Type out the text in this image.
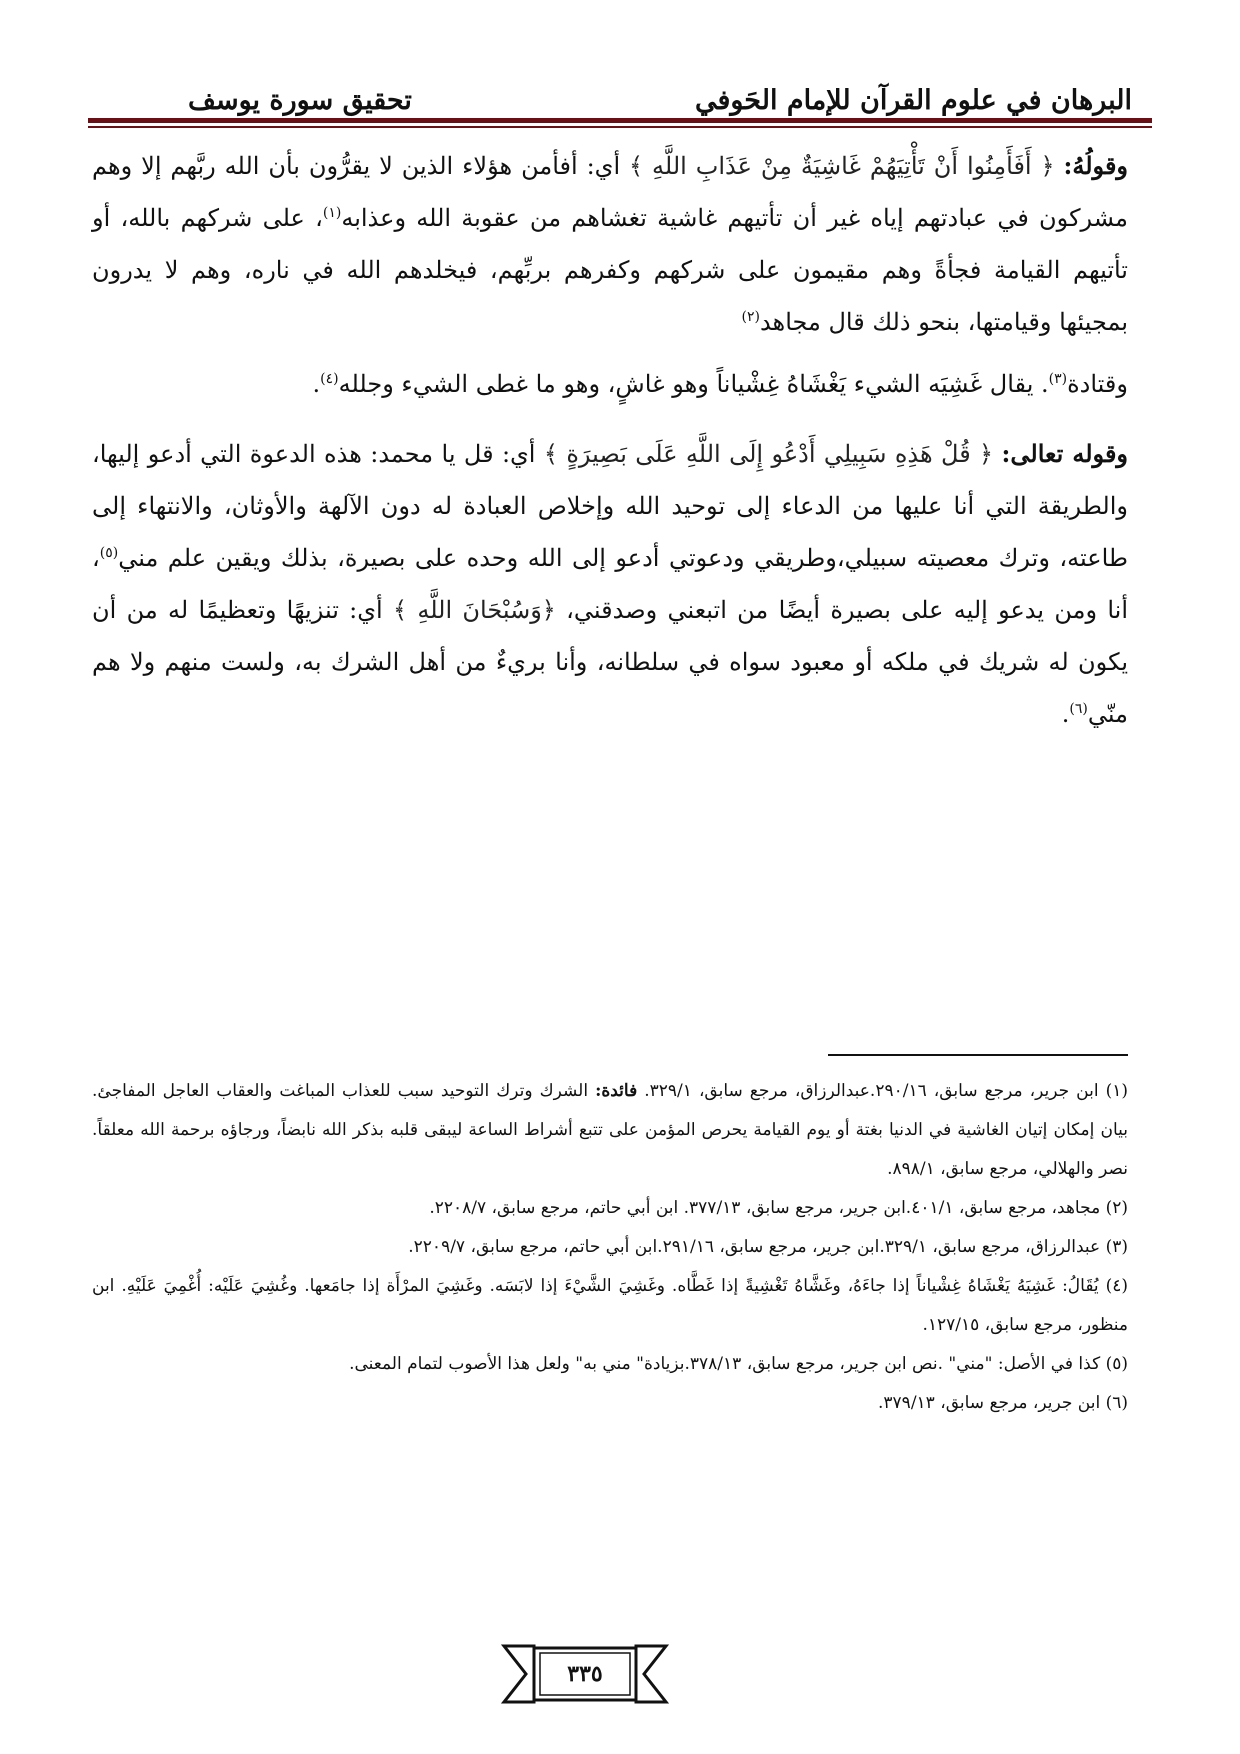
البرهان في علوم القرآن للإمام الحَوفي
تحقيق سورة يوسف

وقولُهُ: ﴿ أَفَأَمِنُوا أَنْ تَأْتِيَهُمْ غَاشِيَةٌ مِنْ عَذَابِ اللَّهِ ﴾ أي: أفأمن هؤلاء الذين لا يقرُّون بأن الله ربَّهم إلا وهم مشركون في عبادتهم إياه غير أن تأتيهم غاشية تغشاهم من عقوبة الله وعذابه$^{(١)}$، على شركهم بالله، أو تأتيهم القيامة فجأةً وهم مقيمون على شركهم وكفرهم بربِّهم، فيخلدهم الله في ناره، وهم لا يدرون بمجيئها وقيامتها، بنحو ذلك قال مجاهد$^{(٢)}$

وقتادة$^{(٣)}$. يقال غَشِيَه الشيء يَغْشَاهُ غِشْياناً وهو غاشٍ، وهو ما غطى الشيء وجلله$^{(٤)}$.

وقوله تعالى: ﴿ قُلْ هَذِهِ سَبِيلِي أَدْعُو إِلَى اللَّهِ عَلَى بَصِيرَةٍ ﴾ أي: قل يا محمد: هذه الدعوة التي أدعو إليها، والطريقة التي أنا عليها من الدعاء إلى توحيد الله وإخلاص العبادة له دون الآلهة والأوثان، والانتهاء إلى طاعته، وترك معصيته سبيلي،وطريقي ودعوتي أدعو إلى الله وحده على بصيرة، بذلك ويقين علم مني$^{(٥)}$، أنا ومن يدعو إليه على بصيرة أيضًا من اتبعني وصدقني، ﴿وَسُبْحَانَ اللَّهِ ﴾ أي: تنزيهًا وتعظيمًا له من أن يكون له شريك في ملكه أو معبود سواه في سلطانه، وأنا بريءٌ من أهل الشرك به، ولست منهم ولا هم منّي$^{(٦)}$.

(١) ابن جرير، مرجع سابق، ٢٩٠/١٦.عبدالرزاق، مرجع سابق، ٣٢٩/١. فائدة: الشرك وترك التوحيد سبب للعذاب المباغت والعقاب العاجل المفاجئ. بيان إمكان إتيان الغاشية في الدنيا بغتة أو يوم القيامة يحرص المؤمن على تتبع أشراط الساعة ليبقى قلبه بذكر الله نابضاً، ورجاؤه برحمة الله معلقاً. نصر والهلالي، مرجع سابق، ٨٩٨/١.

(٢) مجاهد، مرجع سابق، ٤٠١/١.ابن جرير، مرجع سابق، ٣٧٧/١٣. ابن أبي حاتم، مرجع سابق، ٢٢٠٨/٧.

(٣) عبدالرزاق، مرجع سابق، ٣٢٩/١.ابن جرير، مرجع سابق، ٢٩١/١٦.ابن أبي حاتم، مرجع سابق، ٢٢٠٩/٧.

(٤) يُقَالُ: غَشِيَهُ يَغْشَاهُ غِشْياناً إذا جاءَهُ، وغَشَّاهُ تَغْشِيةً إذا غَطَّاه. وغَشِيَ الشَّيْءَ إذا لابَسَه. وغَشِيَ المرْأَة إذا جامَعها. وغُشِيَ عَلَيْه: أُغْمِيَ عَلَيْهِ. ابن منظور، مرجع سابق، ١٢٧/١٥.

(٥) كذا في الأصل: "مني" .نص ابن جرير، مرجع سابق، ٣٧٨/١٣.بزيادة" مني به" ولعل هذا الأصوب لتمام المعنى.

(٦) ابن جرير، مرجع سابق، ٣٧٩/١٣.

٣٣٥
